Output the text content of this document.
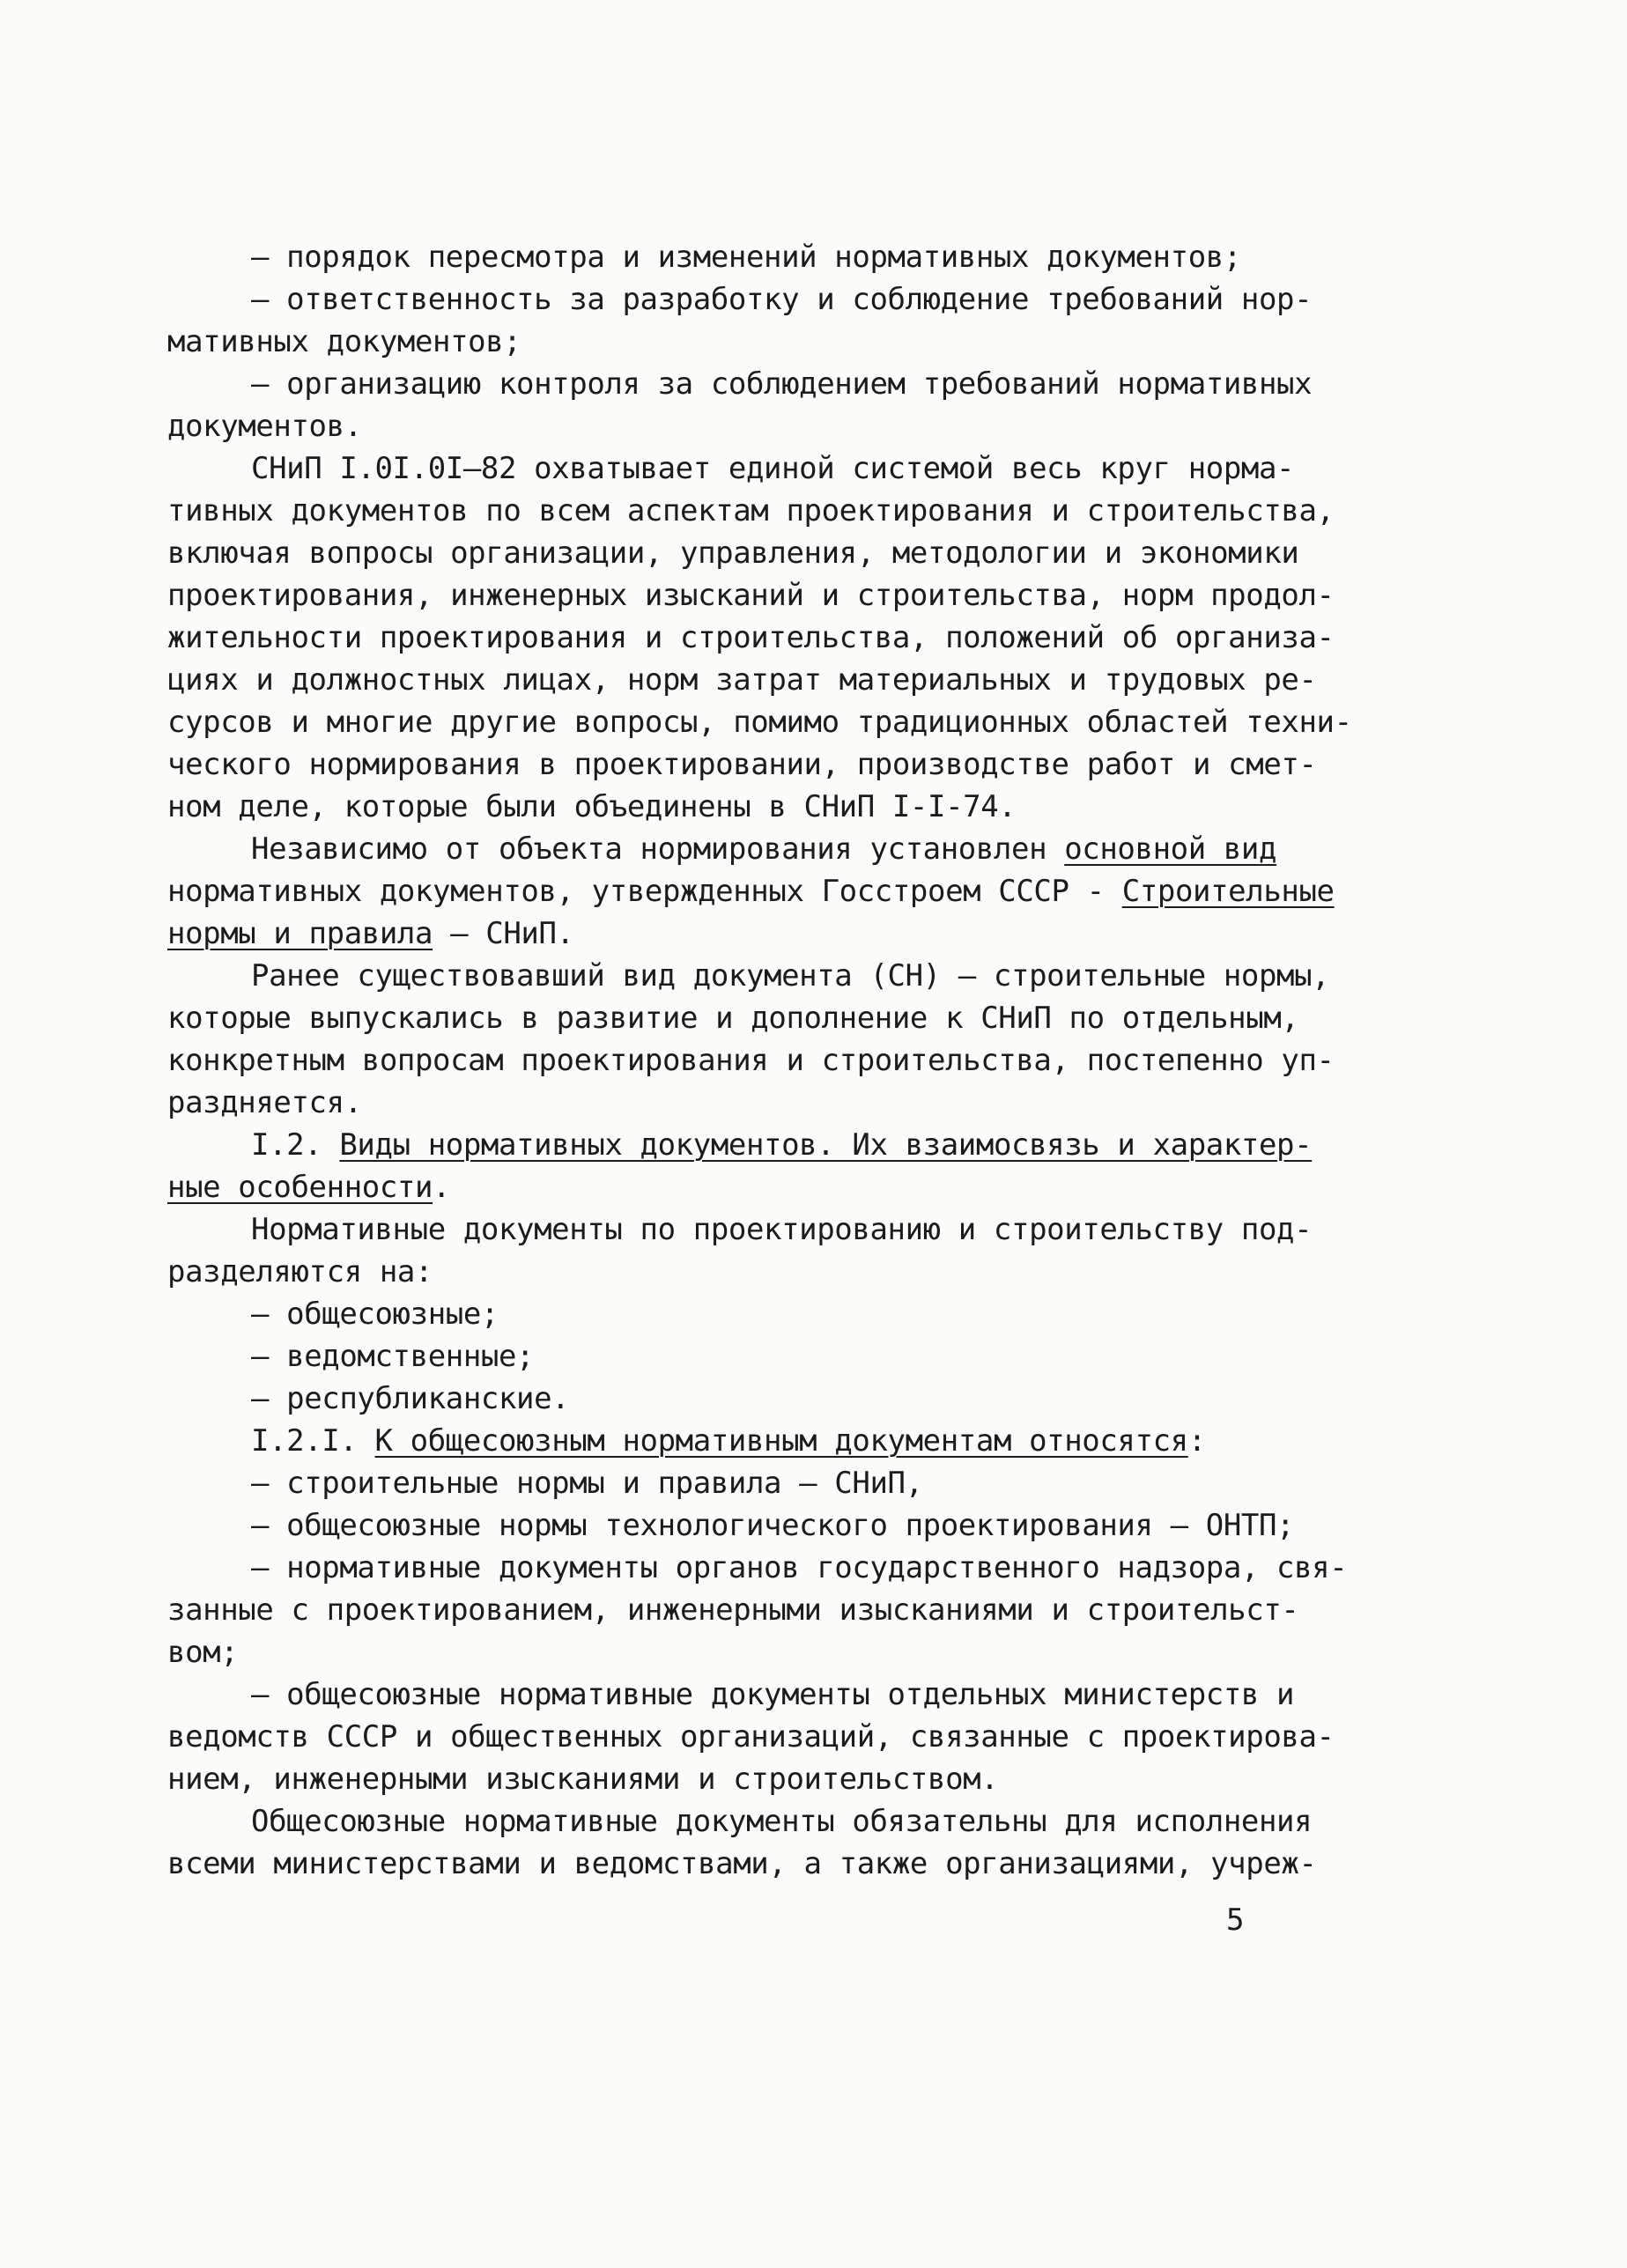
– порядок пересмотра и изменений нормативных документов;
– ответственность за разработку и соблюдение требований нор-
мативных документов;
– организацию контроля за соблюдением требований нормативных
документов.
СНиП I.0I.0I–82 охватывает единой системой весь круг норма-
тивных документов по всем аспектам проектирования и строительства,
включая вопросы организации, управления, методологии и экономики
проектирования, инженерных изысканий и строительства, норм продол-
жительности проектирования и строительства, положений об организа-
циях и должностных лицах, норм затрат материальных и трудовых ре-
сурсов и многие другие вопросы, помимо традиционных областей техни-
ческого нормирования в проектировании, производстве работ и смет-
ном деле, которые были объединены в СНиП I-I-74.
Независимо от объекта нормирования установлен основной вид
нормативных документов, утвержденных Госстроем СССР - Строительные
нормы и правила – СНиП.
Ранее существовавший вид документа (СН) – строительные нормы,
которые выпускались в развитие и дополнение к СНиП по отдельным,
конкретным вопросам проектирования и строительства, постепенно уп-
раздняется.
I.2. Виды нормативных документов. Их взаимосвязь и характер-
ные особенности.
Нормативные документы по проектированию и строительству под-
разделяются на:
– общесоюзные;
– ведомственные;
– республиканские.
I.2.I. К общесоюзным нормативным документам относятся:
– строительные нормы и правила – СНиП,
– общесоюзные нормы технологического проектирования – ОНТП;
– нормативные документы органов государственного надзора, свя-
занные с проектированием, инженерными изысканиями и строительст-
вом;
– общесоюзные нормативные документы отдельных министерств и
ведомств СССР и общественных организаций, связанные с проектирова-
нием, инженерными изысканиями и строительством.
Общесоюзные нормативные документы обязательны для исполнения
всеми министерствами и ведомствами, а также организациями, учреж-
5
